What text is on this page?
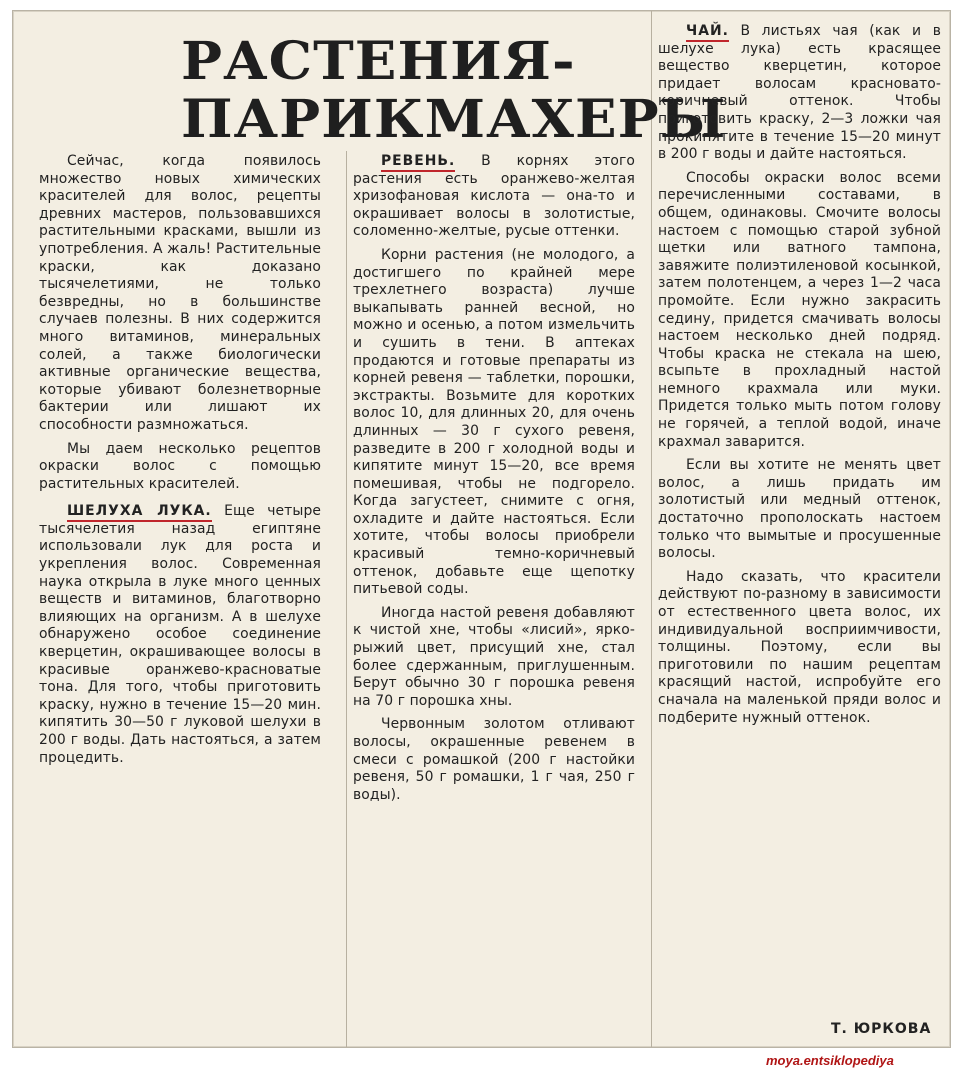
РАСТЕНИЯ-
ПАРИКМАХЕРЫ

Сейчас, когда появилось множество новых химических красителей для волос, рецепты древних мастеров, пользовавшихся растительными красками, вышли из употребления. А жаль! Растительные краски, как доказано тысячелетиями, не только безвредны, но в большинстве случаев полезны. В них содержится много витаминов, минеральных солей, а также биологически активные органические вещества, которые убивают болезнетворные бактерии или лишают их способности размножаться.

Мы даем несколько рецептов окраски волос с помощью растительных красителей.

ШЕЛУХА ЛУКА. Еще четыре тысячелетия назад египтяне использовали лук для роста и укрепления волос. Современная наука открыла в луке много ценных веществ и витаминов, благотворно влияющих на организм. А в шелухе обнаружено особое соединение кверцетин, окрашивающее волосы в красивые оранжево-красноватые тона. Для того, чтобы приготовить краску, нужно в течение 15—20 мин. кипятить 30—50 г луковой шелухи в 200 г воды. Дать настояться, а затем процедить.

РЕВЕНЬ. В корнях этого растения есть оранжево-желтая хризофановая кислота — она-то и окрашивает волосы в золотистые, соломенно-желтые, русые оттенки.

Корни растения (не молодого, а достигшего по крайней мере трехлетнего возраста) лучше выкапывать ранней весной, но можно и осенью, а потом измельчить и сушить в тени. В аптеках продаются и готовые препараты из корней ревеня — таблетки, порошки, экстракты. Возьмите для коротких волос 10, для длинных 20, для очень длинных — 30 г сухого ревеня, разведите в 200 г холодной воды и кипятите минут 15—20, все время помешивая, чтобы не подгорело. Когда загустеет, снимите с огня, охладите и дайте настояться. Если хотите, чтобы волосы приобрели красивый темно-коричневый оттенок, добавьте еще щепотку питьевой соды.

Иногда настой ревеня добавляют к чистой хне, чтобы «лисий», ярко-рыжий цвет, присущий хне, стал более сдержанным, приглушенным. Берут обычно 30 г порошка ревеня на 70 г порошка хны.

Червонным золотом отливают волосы, окрашенные ревенем в смеси с ромашкой (200 г настойки ревеня, 50 г ромашки, 1 г чая, 250 г воды).

ЧАЙ. В листьях чая (как и в шелухе лука) есть красящее вещество кверцетин, которое придает волосам красновато-коричневый оттенок. Чтобы приготовить краску, 2—3 ложки чая прокипятите в течение 15—20 минут в 200 г воды и дайте настояться.

Способы окраски волос всеми перечисленными составами, в общем, одинаковы. Смочите волосы настоем с помощью старой зубной щетки или ватного тампона, завяжите полиэтиленовой косынкой, затем полотенцем, а через 1—2 часа промойте. Если нужно закрасить седину, придется смачивать волосы настоем несколько дней подряд. Чтобы краска не стекала на шею, всыпьте в прохладный настой немного крахмала или муки. Придется только мыть потом голову не горячей, а теплой водой, иначе крахмал заварится.

Если вы хотите не менять цвет волос, а лишь придать им золотистый или медный оттенок, достаточно прополоскать настоем только что вымытые и просушенные волосы.

Надо сказать, что красители действуют по-разному в зависимости от естественного цвета волос, их индивидуальной восприимчивости, толщины. Поэтому, если вы приготовили по нашим рецептам красящий настой, испробуйте его сначала на маленькой пряди волос и подберите нужный оттенок.

Т. ЮРКОВА
moya.entsiklopediya
